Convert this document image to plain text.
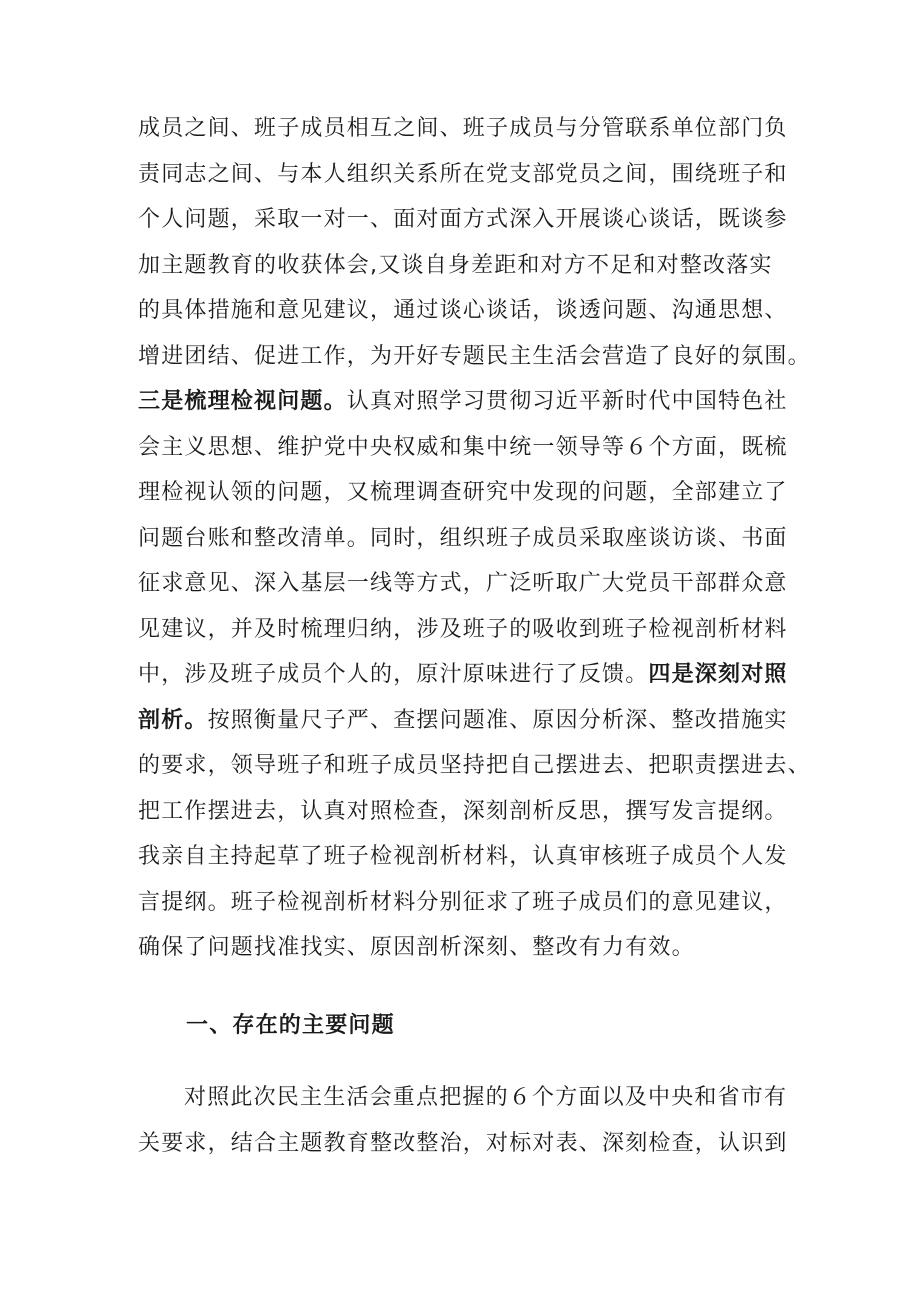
成员之间、班子成员相互之间、班子成员与分管联系单位部门负
责同志之间、与本人组织关系所在党支部党员之间，围绕班子和
个人问题，采取一对一、面对面方式深入开展谈心谈话，既谈参
加主题教育的收获体会,又谈自身差距和对方不足和对整改落实
的具体措施和意见建议，通过谈心谈话，谈透问题、沟通思想、
增进团结、促进工作，为开好专题民主生活会营造了良好的氛围。
三是梳理检视问题。认真对照学习贯彻习近平新时代中国特色社
会主义思想、维护党中央权威和集中统一领导等６个方面，既梳
理检视认领的问题，又梳理调查研究中发现的问题，全部建立了
问题台账和整改清单。同时，组织班子成员采取座谈访谈、书面
征求意见、深入基层一线等方式，广泛听取广大党员干部群众意
见建议，并及时梳理归纳，涉及班子的吸收到班子检视剖析材料
中，涉及班子成员个人的，原汁原味进行了反馈。四是深刻对照
剖析。按照衡量尺子严、查摆问题准、原因分析深、整改措施实
的要求，领导班子和班子成员坚持把自己摆进去、把职责摆进去、
把工作摆进去，认真对照检查，深刻剖析反思，撰写发言提纲。
我亲自主持起草了班子检视剖析材料，认真审核班子成员个人发
言提纲。班子检视剖析材料分别征求了班子成员们的意见建议，
确保了问题找准找实、原因剖析深刻、整改有力有效。
一、存在的主要问题
对照此次民主生活会重点把握的６个方面以及中央和省市有
关要求，结合主题教育整改整治，对标对表、深刻检查，认识到
